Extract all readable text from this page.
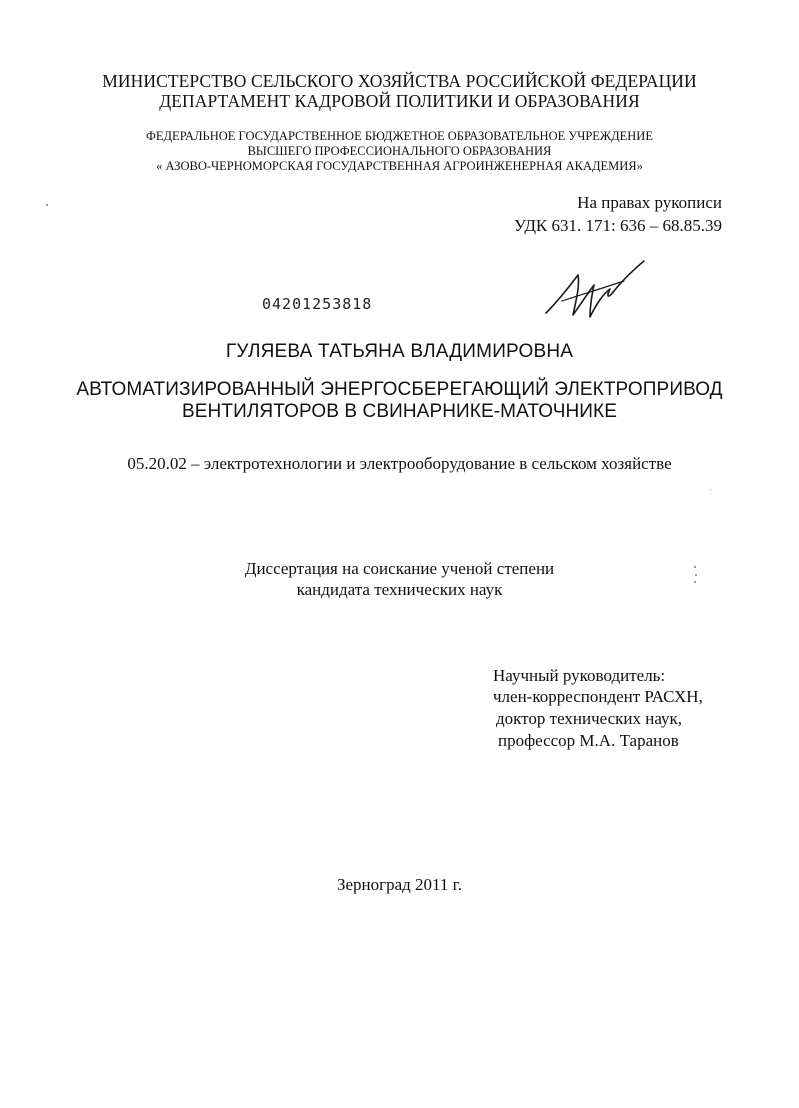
МИНИСТЕРСТВО СЕЛЬСКОГО ХОЗЯЙСТВА РОССИЙСКОЙ ФЕДЕРАЦИИ
ДЕПАРТАМЕНТ КАДРОВОЙ ПОЛИТИКИ И ОБРАЗОВАНИЯ
ФЕДЕРАЛЬНОЕ ГОСУДАРСТВЕННОЕ БЮДЖЕТНОЕ ОБРАЗОВАТЕЛЬНОЕ УЧРЕЖДЕНИЕ
ВЫСШЕГО ПРОФЕССИОНАЛЬНОГО ОБРАЗОВАНИЯ
« АЗОВО-ЧЕРНОМОРСКАЯ ГОСУДАРСТВЕННАЯ АГРОИНЖЕНЕРНАЯ АКАДЕМИЯ»
На правах рукописи
УДК 631. 171: 636 – 68.85.39
04201253818
ГУЛЯЕВА ТАТЬЯНА ВЛАДИМИРОВНА
АВТОМАТИЗИРОВАННЫЙ ЭНЕРГОСБЕРЕГАЮЩИЙ ЭЛЕКТРОПРИВОД
ВЕНТИЛЯТОРОВ В СВИНАРНИКЕ-МАТОЧНИКЕ
05.20.02 – электротехнологии и электрооборудование в сельском хозяйстве
Диссертация на соискание ученой степени
кандидата технических наук
Научный руководитель:
член-корреспондент РАСХН,
доктор технических наук,
профессор М.А. Таранов
Зерноград 2011 г.
